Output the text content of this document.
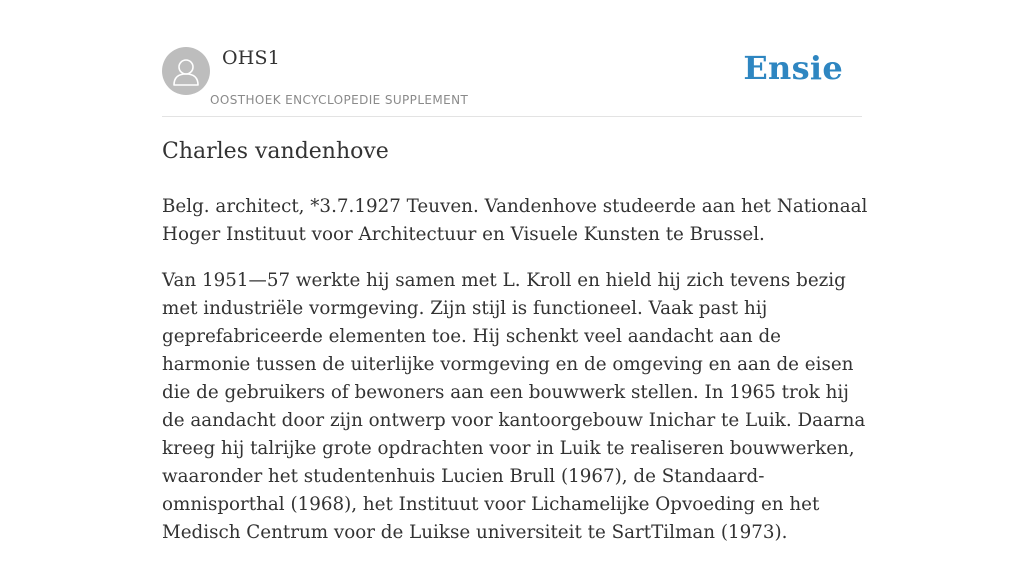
OHS1
OOSTHOEK ENCYCLOPEDIE SUPPLEMENT
Ensie
Charles vandenhove

Belg. architect, *3.7.1927 Teuven. Vandenhove studeerde aan het Nationaal Hoger Instituut voor Architectuur en Visuele Kunsten te Brussel.

Van 1951—57 werkte hij samen met L. Kroll en hield hij zich tevens bezig met industriële vormgeving. Zijn stijl is functioneel. Vaak past hij geprefabriceerde elementen toe. Hij schenkt veel aandacht aan de harmonie tussen de uiterlijke vormgeving en de omgeving en aan de eisen die de gebruikers of bewoners aan een bouwwerk stellen. In 1965 trok hij de aandacht door zijn ontwerp voor kantoorgebouw Inichar te Luik. Daarna kreeg hij talrijke grote opdrachten voor in Luik te realiseren bouwwerken, waaronder het studentenhuis Lucien Brull (1967), de Standaard-omnisporthal (1968), het Instituut voor Lichamelijke Opvoeding en het Medisch Centrum voor de Luikse universiteit te SartTilman (1973).
